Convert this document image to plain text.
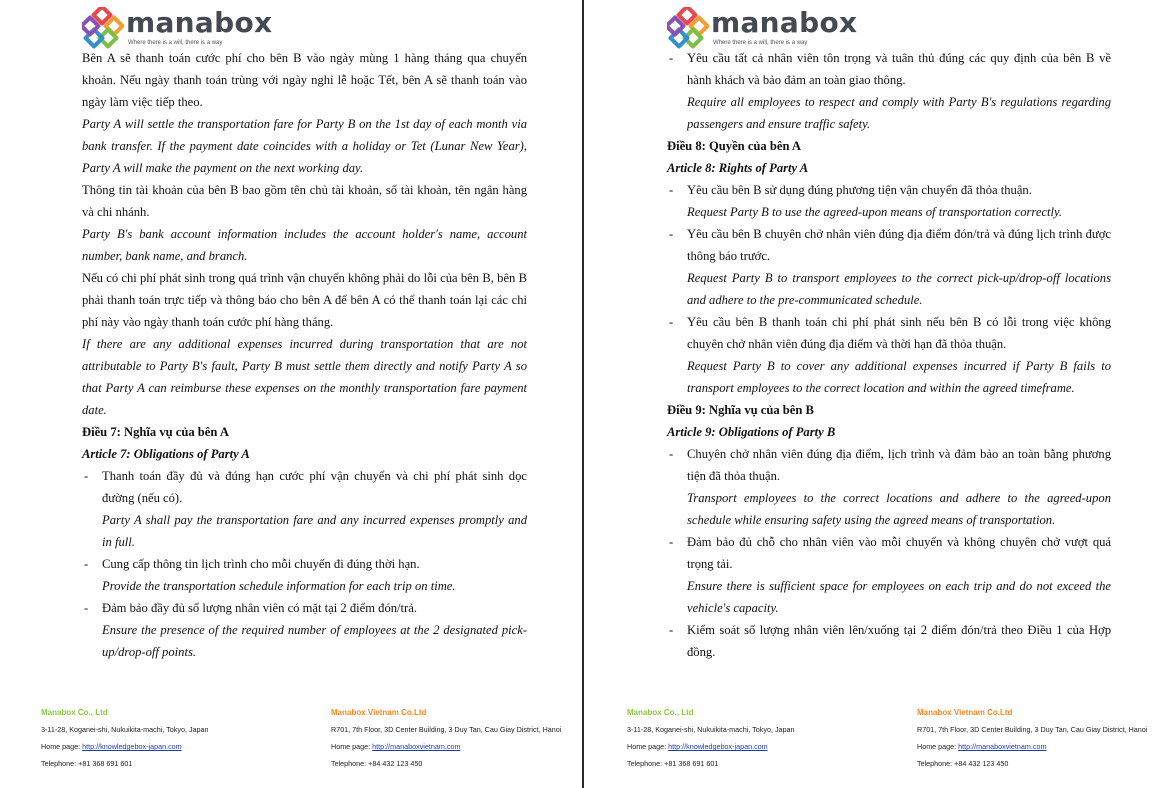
manabox
Where there is a will, there is a way

Bên A sẽ thanh toán cước phí cho bên B vào ngày mùng 1 hàng tháng qua chuyển khoản. Nếu ngày thanh toán trùng với ngày nghỉ lễ hoặc Tết, bên A sẽ thanh toán vào ngày làm việc tiếp theo.

Party A will settle the transportation fare for Party B on the 1st day of each month via bank transfer. If the payment date coincides with a holiday or Tet (Lunar New Year), Party A will make the payment on the next working day.

Thông tin tài khoản của bên B bao gồm tên chủ tài khoản, số tài khoản, tên ngân hàng và chi nhánh.

Party B's bank account information includes the account holder's name, account number, bank name, and branch.

Nếu có chi phí phát sinh trong quá trình vận chuyển không phải do lỗi của bên B, bên B phải thanh toán trực tiếp và thông báo cho bên A để bên A có thể thanh toán lại các chi phí này vào ngày thanh toán cước phí hàng tháng.

If there are any additional expenses incurred during transportation that are not attributable to Party B's fault, Party B must settle them directly and notify Party A so that Party A can reimburse these expenses on the monthly transportation fare payment date.

Điều 7: Nghĩa vụ của bên A

Article 7: Obligations of Party A

- Thanh toán đầy đủ và đúng hạn cước phí vận chuyển và chi phí phát sinh dọc đường (nếu có).

Party A shall pay the transportation fare and any incurred expenses promptly and in full.

- Cung cấp thông tin lịch trình cho mỗi chuyến đi đúng thời hạn.

Provide the transportation schedule information for each trip on time.

- Đảm bảo đầy đủ số lượng nhân viên có mặt tại 2 điểm đón/trả.

Ensure the presence of the required number of employees at the 2 designated pick-up/drop-off points.

Manabox Co., Ltd
3-11-28, Koganei-shi, Nukuikita-machi, Tokyo, Japan
Home page: http://knowledgebox-japan.com
Telephone: +81 368 691 601
Manabox Vietnam Co.Ltd
R701, 7th Floor, 3D Center Building, 3 Duy Tan, Cau Giay District, Hanoi
Home page: http://manaboxvietnam.com
Telephone: +84 432 123 450
manabox
Where there is a will, there is a way
- Yêu cầu tất cả nhân viên tôn trọng và tuân thủ đúng các quy định của bên B về hành khách và bảo đảm an toàn giao thông.

Require all employees to respect and comply with Party B's regulations regarding passengers and ensure traffic safety.

Điều 8: Quyền của bên A

Article 8: Rights of Party A

- Yêu cầu bên B sử dụng đúng phương tiện vận chuyển đã thỏa thuận.

Request Party B to use the agreed-upon means of transportation correctly.

- Yêu cầu bên B chuyên chở nhân viên đúng địa điểm đón/trả và đúng lịch trình được thông báo trước.

Request Party B to transport employees to the correct pick-up/drop-off locations and adhere to the pre-communicated schedule.

- Yêu cầu bên B thanh toán chi phí phát sinh nếu bên B có lỗi trong việc không chuyên chở nhân viên đúng địa điểm và thời hạn đã thỏa thuận.

Request Party B to cover any additional expenses incurred if Party B fails to transport employees to the correct location and within the agreed timeframe.

Điều 9: Nghĩa vụ của bên B

Article 9: Obligations of Party B

- Chuyên chở nhân viên đúng địa điểm, lịch trình và đảm bảo an toàn bằng phương tiện đã thỏa thuận.

Transport employees to the correct locations and adhere to the agreed-upon schedule while ensuring safety using the agreed means of transportation.

- Đảm bảo đủ chỗ cho nhân viên vào mỗi chuyến và không chuyên chở vượt quá trọng tải.

Ensure there is sufficient space for employees on each trip and do not exceed the vehicle's capacity.

- Kiểm soát số lượng nhân viên lên/xuống tại 2 điểm đón/trả theo Điều 1 của Hợp đồng.

Manabox Co., Ltd
3-11-28, Koganei-shi, Nukuikita-machi, Tokyo, Japan
Home page: http://knowledgebox-japan.com
Telephone: +81 368 691 601
Manabox Vietnam Co.Ltd
R701, 7th Floor, 3D Center Building, 3 Duy Tan, Cau Giay District, Hanoi
Home page: http://manaboxvietnam.com
Telephone: +84 432 123 450
